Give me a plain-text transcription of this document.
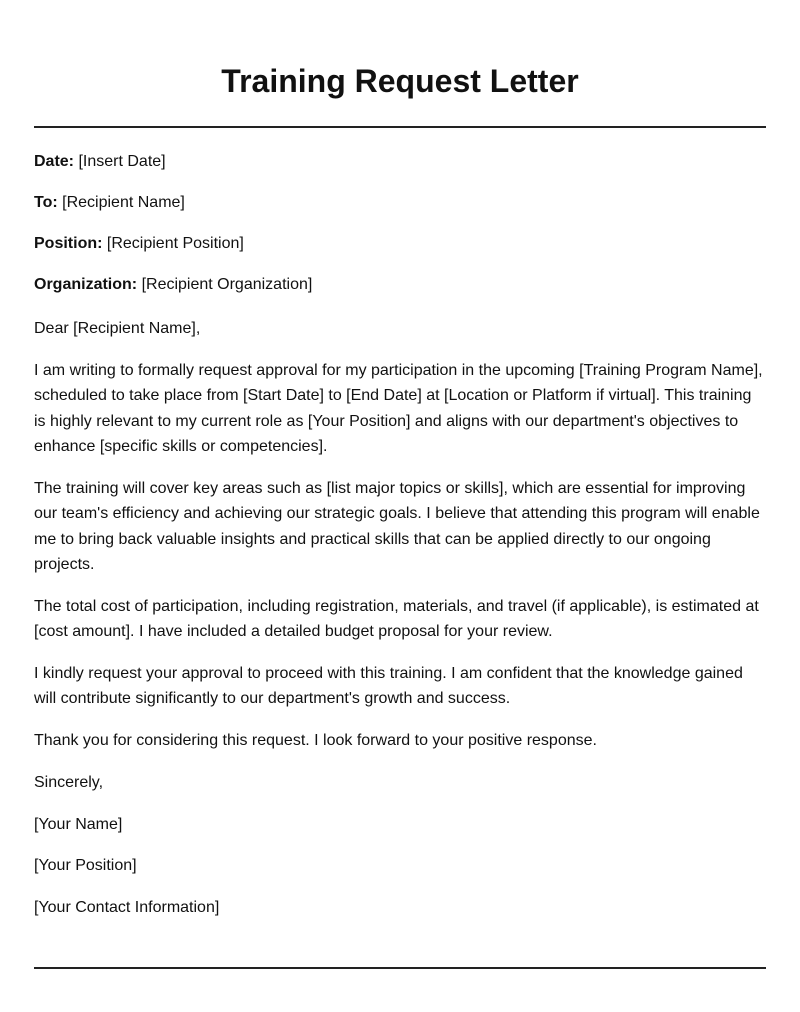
Training Request Letter
Date: [Insert Date]
To: [Recipient Name]
Position: [Recipient Position]
Organization: [Recipient Organization]

Dear [Recipient Name],

I am writing to formally request approval for my participation in the upcoming [Training Program Name], scheduled to take place from [Start Date] to [End Date] at [Location or Platform if virtual]. This training is highly relevant to my current role as [Your Position] and aligns with our department's objectives to enhance [specific skills or competencies].

The training will cover key areas such as [list major topics or skills], which are essential for improving our team's efficiency and achieving our strategic goals. I believe that attending this program will enable me to bring back valuable insights and practical skills that can be applied directly to our ongoing projects.

The total cost of participation, including registration, materials, and travel (if applicable), is estimated at [cost amount]. I have included a detailed budget proposal for your review.

I kindly request your approval to proceed with this training. I am confident that the knowledge gained will contribute significantly to our department's growth and success.

Thank you for considering this request. I look forward to your positive response.

Sincerely,

[Your Name]

[Your Position]

[Your Contact Information]
